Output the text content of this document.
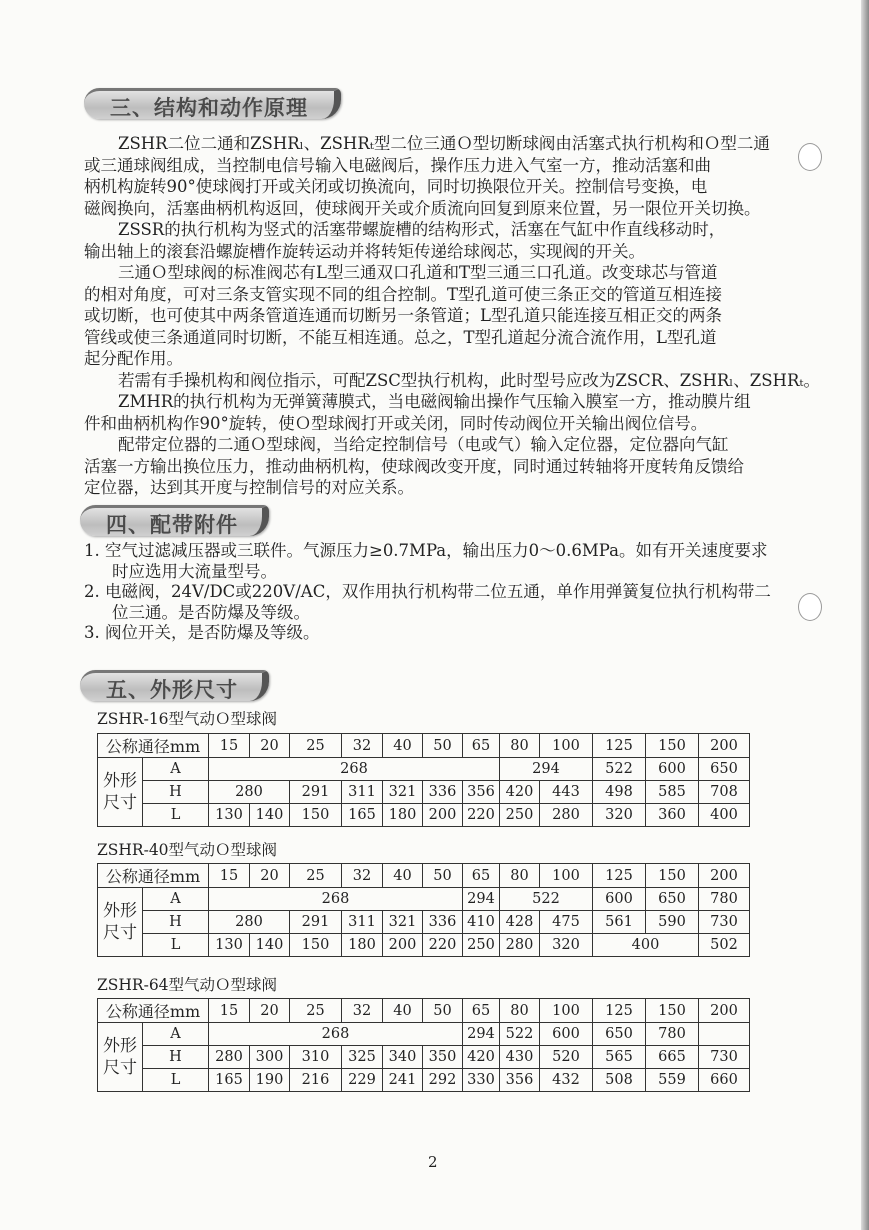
三、结构和动作原理
ZSHR二位二通和ZSHRₗ、ZSHRₜ型二位三通Ｏ型切断球阀由活塞式执行机构和Ｏ型二通
或三通球阀组成，当控制电信号输入电磁阀后，操作压力进入气室一方，推动活塞和曲
柄机构旋转90°使球阀打开或关闭或切换流向，同时切换限位开关。控制信号变换，电
磁阀换向，活塞曲柄机构返回，使球阀开关或介质流向回复到原来位置，另一限位开关切换。
ZSSR的执行机构为竖式的活塞带螺旋槽的结构形式，活塞在气缸中作直线移动时，
输出轴上的滚套沿螺旋槽作旋转运动并将转矩传递给球阀芯，实现阀的开关。
三通Ｏ型球阀的标准阀芯有L型三通双口孔道和T型三通三口孔道。改变球芯与管道
的相对角度，可对三条支管实现不同的组合控制。T型孔道可使三条正交的管道互相连接
或切断，也可使其中两条管道连通而切断另一条管道；L型孔道只能连接互相正交的两条
管线或使三条通道同时切断，不能互相连通。总之，T型孔道起分流合流作用，L型孔道
起分配作用。
若需有手操机构和阀位指示，可配ZSC型执行机构，此时型号应改为ZSCR、ZSHRₗ、ZSHRₜ。
ZMHR的执行机构为无弹簧薄膜式，当电磁阀输出操作气压输入膜室一方，推动膜片组
件和曲柄机构作90°旋转，使Ｏ型球阀打开或关闭，同时传动阀位开关输出阀位信号。
配带定位器的二通Ｏ型球阀，当给定控制信号（电或气）输入定位器，定位器向气缸
活塞一方输出换位压力，推动曲柄机构，使球阀改变开度，同时通过转轴将开度转角反馈给
定位器，达到其开度与控制信号的对应关系。
四、配带附件
1. 空气过滤减压器或三联件。气源压力≥0.7MPa，输出压力0～0.6MPa。如有开关速度要求
时应选用大流量型号。
2. 电磁阀，24V/DC或220V/AC，双作用执行机构带二位五通，单作用弹簧复位执行机构带二
位三通。是否防爆及等级。
3. 阀位开关，是否防爆及等级。
五、外形尺寸
ZSHR-16型气动Ｏ型球阀
公称通径mm		15	20	25	32	40	50	65	80	100	125	150	200
外形尺寸	A	268							294		522	600	650
	H	280		291	311	321	336	356	420	443	498	585	708
	L	130	140	150	165	180	200	220	250	280	320	360	400
ZSHR-40型气动Ｏ型球阀
公称通径mm		15	20	25	32	40	50	65	80	100	125	150	200
外形尺寸	A	268						294	522		600	650	780
	H	280		291	311	321	336	410	428	475	561	590	730
	L	130	140	150	180	200	220	250	280	320	400		502
ZSHR-64型气动Ｏ型球阀
公称通径mm		15	20	25	32	40	50	65	80	100	125	150	200
外形尺寸	A	268						294	522	600	650	780	
	H	280	300	310	325	340	350	420	430	520	565	665	730
	L	165	190	216	229	241	292	330	356	432	508	559	660
2
